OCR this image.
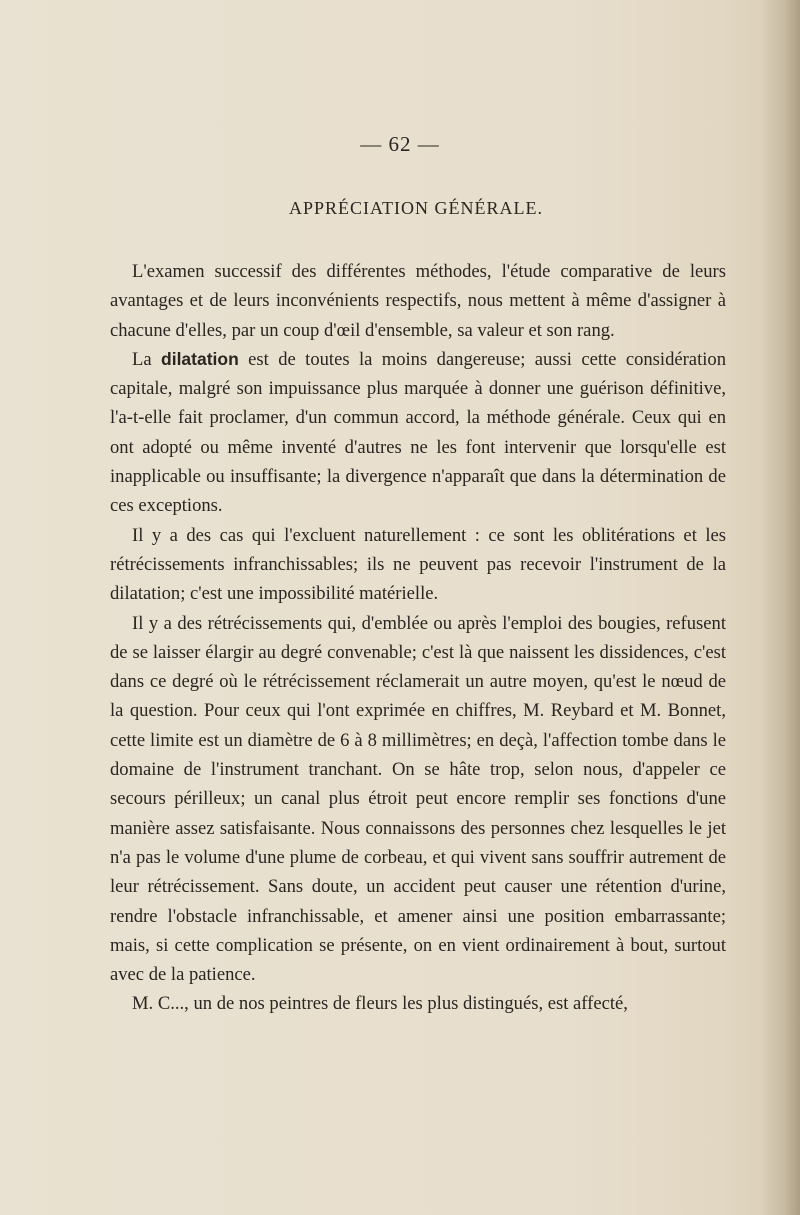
— 62 —
APPRÉCIATION GÉNÉRALE.

L'examen successif des différentes méthodes, l'étude comparative de leurs avantages et de leurs inconvénients respectifs, nous mettent à même d'assigner à chacune d'elles, par un coup d'œil d'ensemble, sa valeur et son rang.

La dilatation est de toutes la moins dangereuse; aussi cette considération capitale, malgré son impuissance plus marquée à donner une guérison définitive, l'a-t-elle fait proclamer, d'un commun accord, la méthode générale. Ceux qui en ont adopté ou même inventé d'autres ne les font intervenir que lorsqu'elle est inapplicable ou insuffisante; la divergence n'apparaît que dans la détermination de ces exceptions.

Il y a des cas qui l'excluent naturellement : ce sont les oblitérations et les rétrécissements infranchissables; ils ne peuvent pas recevoir l'instrument de la dilatation; c'est une impossibilité matérielle.

Il y a des rétrécissements qui, d'emblée ou après l'emploi des bougies, refusent de se laisser élargir au degré convenable; c'est là que naissent les dissidences, c'est dans ce degré où le rétrécissement réclamerait un autre moyen, qu'est le nœud de la question. Pour ceux qui l'ont exprimée en chiffres, M. Reybard et M. Bonnet, cette limite est un diamètre de 6 à 8 millimètres; en deçà, l'affection tombe dans le domaine de l'instrument tranchant. On se hâte trop, selon nous, d'appeler ce secours périlleux; un canal plus étroit peut encore remplir ses fonctions d'une manière assez satisfaisante. Nous connaissons des personnes chez lesquelles le jet n'a pas le volume d'une plume de corbeau, et qui vivent sans souffrir autrement de leur rétrécissement. Sans doute, un accident peut causer une rétention d'urine, rendre l'obstacle infranchissable, et amener ainsi une position embarrassante; mais, si cette complication se présente, on en vient ordinairement à bout, surtout avec de la patience.

M. C..., un de nos peintres de fleurs les plus distingués, est affecté,
